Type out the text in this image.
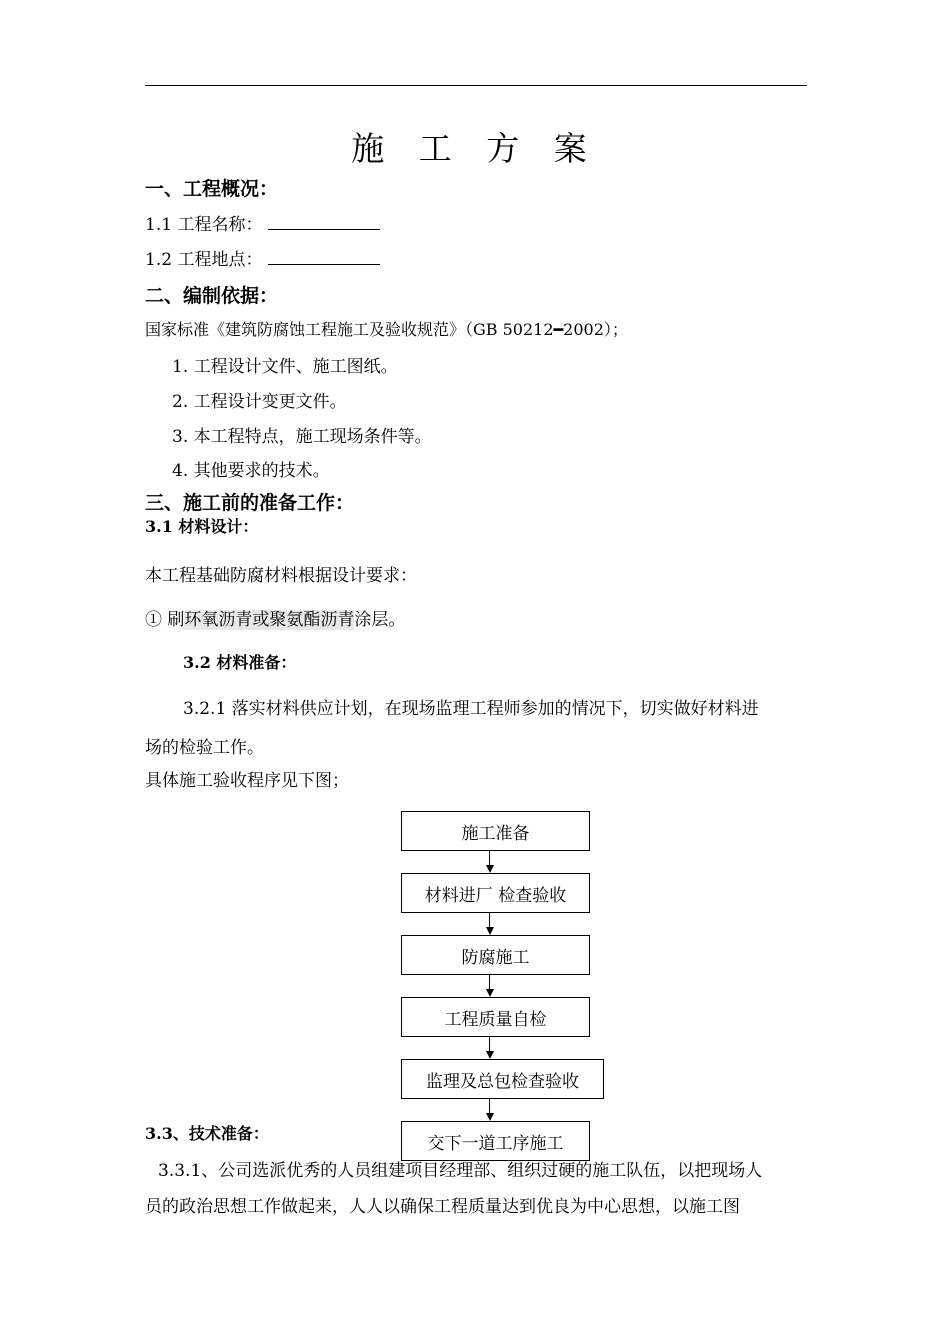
施 工 方 案
一、工程概况：
1.1 工程名称：
1.2 工程地点：
二、编制依据：
国家标准《建筑防腐蚀工程施工及验收规范》（GB 50212━2002）；
1. 工程设计文件、施工图纸。
2. 工程设计变更文件。
3. 本工程特点，施工现场条件等。
4. 其他要求的技术。
三、施工前的准备工作：
3.1 材料设计：
本工程基础防腐材料根据设计要求：
① 刷环氧沥青或聚氨酯沥青涂层。
3.2 材料准备：
3.2.1 落实材料供应计划，在现场监理工程师参加的情况下，切实做好材料进
场的检验工作。
具体施工验收程序见下图；
施工准备
材料进厂 检查验收
防腐施工
工程质量自检
监理及总包检查验收
交下一道工序施工
3.3、技术准备：
3.3.1、公司选派优秀的人员组建项目经理部、组织过硬的施工队伍，以把现场人
员的政治思想工作做起来，人人以确保工程质量达到优良为中心思想，以施工图
